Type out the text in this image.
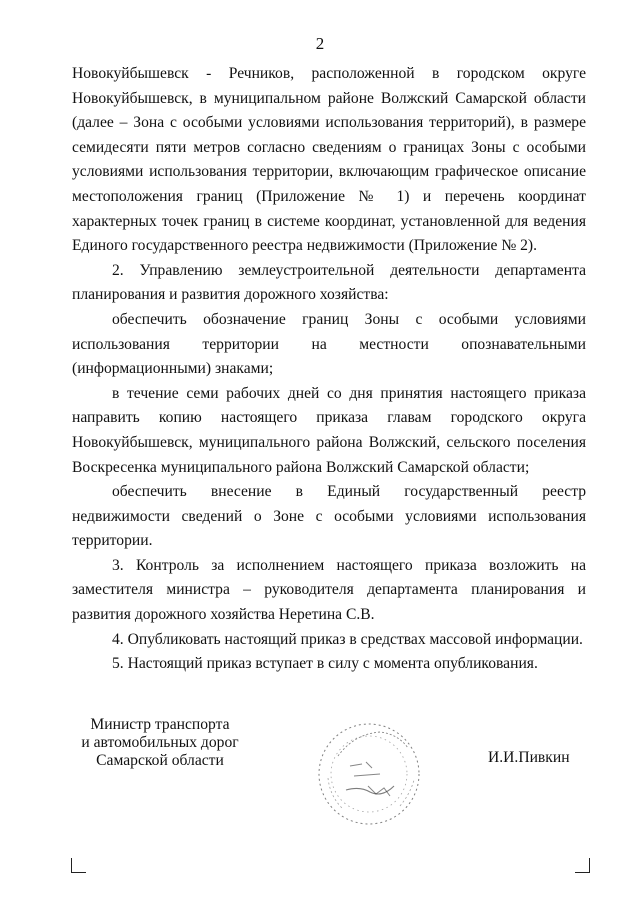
2

Новокуйбышевск - Речников, расположенной в городском округе Новокуйбышевск, в муниципальном районе Волжский Самарской области (далее – Зона с особыми условиями использования территорий), в размере семидесяти пяти метров согласно сведениям о границах Зоны с особыми условиями использования территории, включающим графическое описание местоположения границ (Приложение № 1) и перечень координат характерных точек границ в системе координат, установленной для ведения Единого государственного реестра недвижимости (Приложение № 2).

2. Управлению землеустроительной деятельности департамента планирования и развития дорожного хозяйства:

обеспечить обозначение границ Зоны с особыми условиями использования территории на местности опознавательными (информационными) знаками;

в течение семи рабочих дней со дня принятия настоящего приказа направить копию настоящего приказа главам городского округа Новокуйбышевск, муниципального района Волжский, сельского поселения Воскресенка муниципального района Волжский Самарской области;

обеспечить внесение в Единый государственный реестр недвижимости сведений о Зоне с особыми условиями использования территории.

3. Контроль за исполнением настоящего приказа возложить на заместителя министра – руководителя департамента планирования и развития дорожного хозяйства Неретина С.В.

4. Опубликовать настоящий приказ в средствах массовой информации.

5. Настоящий приказ вступает в силу с момента опубликования.

Министр транспорта
и автомобильных дорог
Самарской области	И.И.Пивкин
